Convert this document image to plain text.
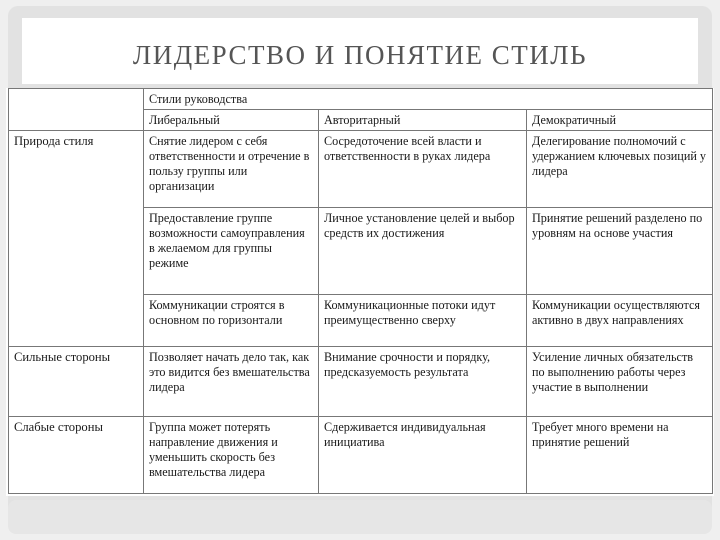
ЛИДЕРСТВО И ПОНЯТИЕ СТИЛЬ
	Стили руководства		
	Либеральный	Авторитарный	Демократичный
Природа стиля	Снятие лидером с себя ответственности и отречение в пользу группы или организации	Сосредоточение всей власти и ответственности в руках лидера	Делегирование полномочий с удержанием ключевых позиций у лидера
	Предоставление группе возможности самоуправления в желаемом для группы режиме	Личное установление целей и выбор средств их достижения	Принятие решений разделено по уровням на основе участия
	Коммуникации строятся в основном по горизонтали	Коммуникационные потоки идут преимущественно сверху	Коммуникации осуществляются активно в двух направлениях
Сильные стороны	Позволяет начать дело так, как это видится без вмешательства лидера	Внимание срочности и порядку, предсказуемость результата	Усиление личных обязательств по выполнению работы через участие в выполнении
Слабые стороны	Группа может потерять направление движения и уменьшить скорость без вмешательства лидера	Сдерживается индивидуальная инициатива	Требует много времени на принятие решений
